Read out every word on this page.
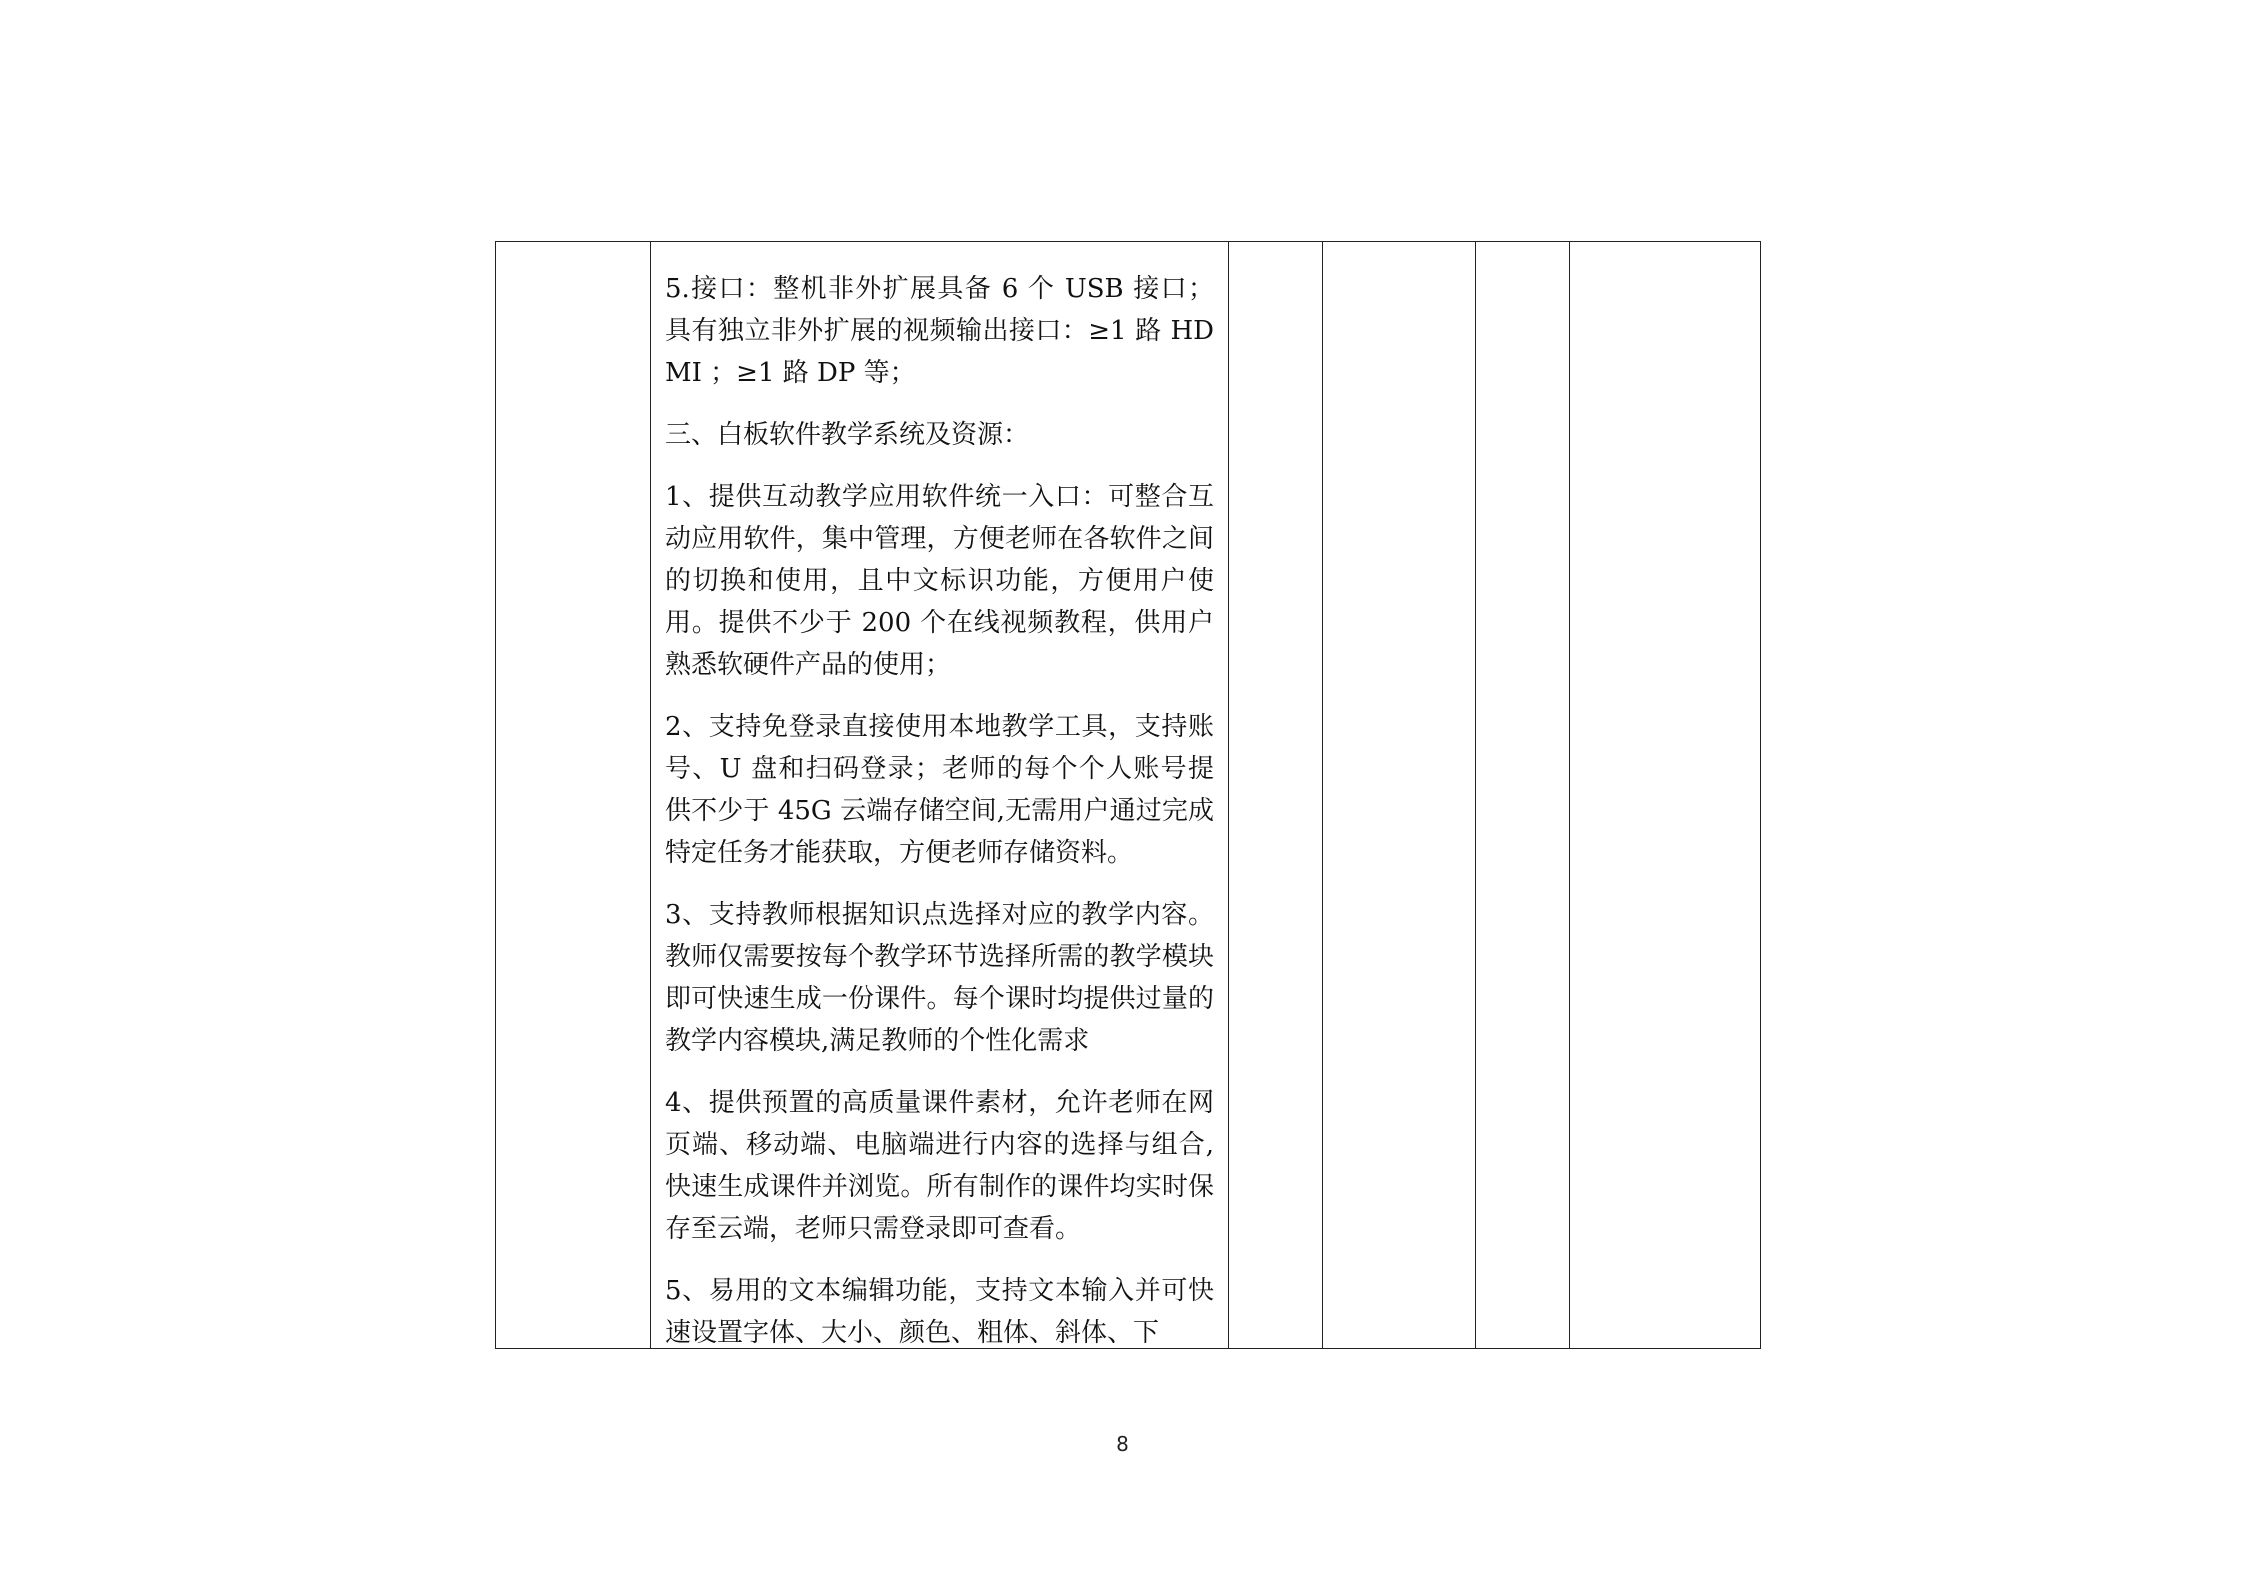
5.接口：整机非外扩展具备 6 个 USB 接口；具有独立非外扩展的视频输出接口：≥1 路 HDMI ；≥1 路 DP 等；

三、白板软件教学系统及资源：

1、提供互动教学应用软件统一入口：可整合互动应用软件，集中管理，方便老师在各软件之间的切换和使用，且中文标识功能，方便用户使用。提供不少于 200 个在线视频教程，供用户熟悉软硬件产品的使用；

2、支持免登录直接使用本地教学工具，支持账号、U 盘和扫码登录；老师的每个个人账号提供不少于 45G 云端存储空间,无需用户通过完成特定任务才能获取，方便老师存储资料。

3、支持教师根据知识点选择对应的教学内容。教师仅需要按每个教学环节选择所需的教学模块即可快速生成一份课件。每个课时均提供过量的教学内容模块,满足教师的个性化需求

4、提供预置的高质量课件素材，允许老师在网页端、移动端、电脑端进行内容的选择与组合,快速生成课件并浏览。所有制作的课件均实时保存至云端，老师只需登录即可查看。

5、易用的文本编辑功能，支持文本输入并可快速设置字体、大小、颜色、粗体、斜体、下

8
